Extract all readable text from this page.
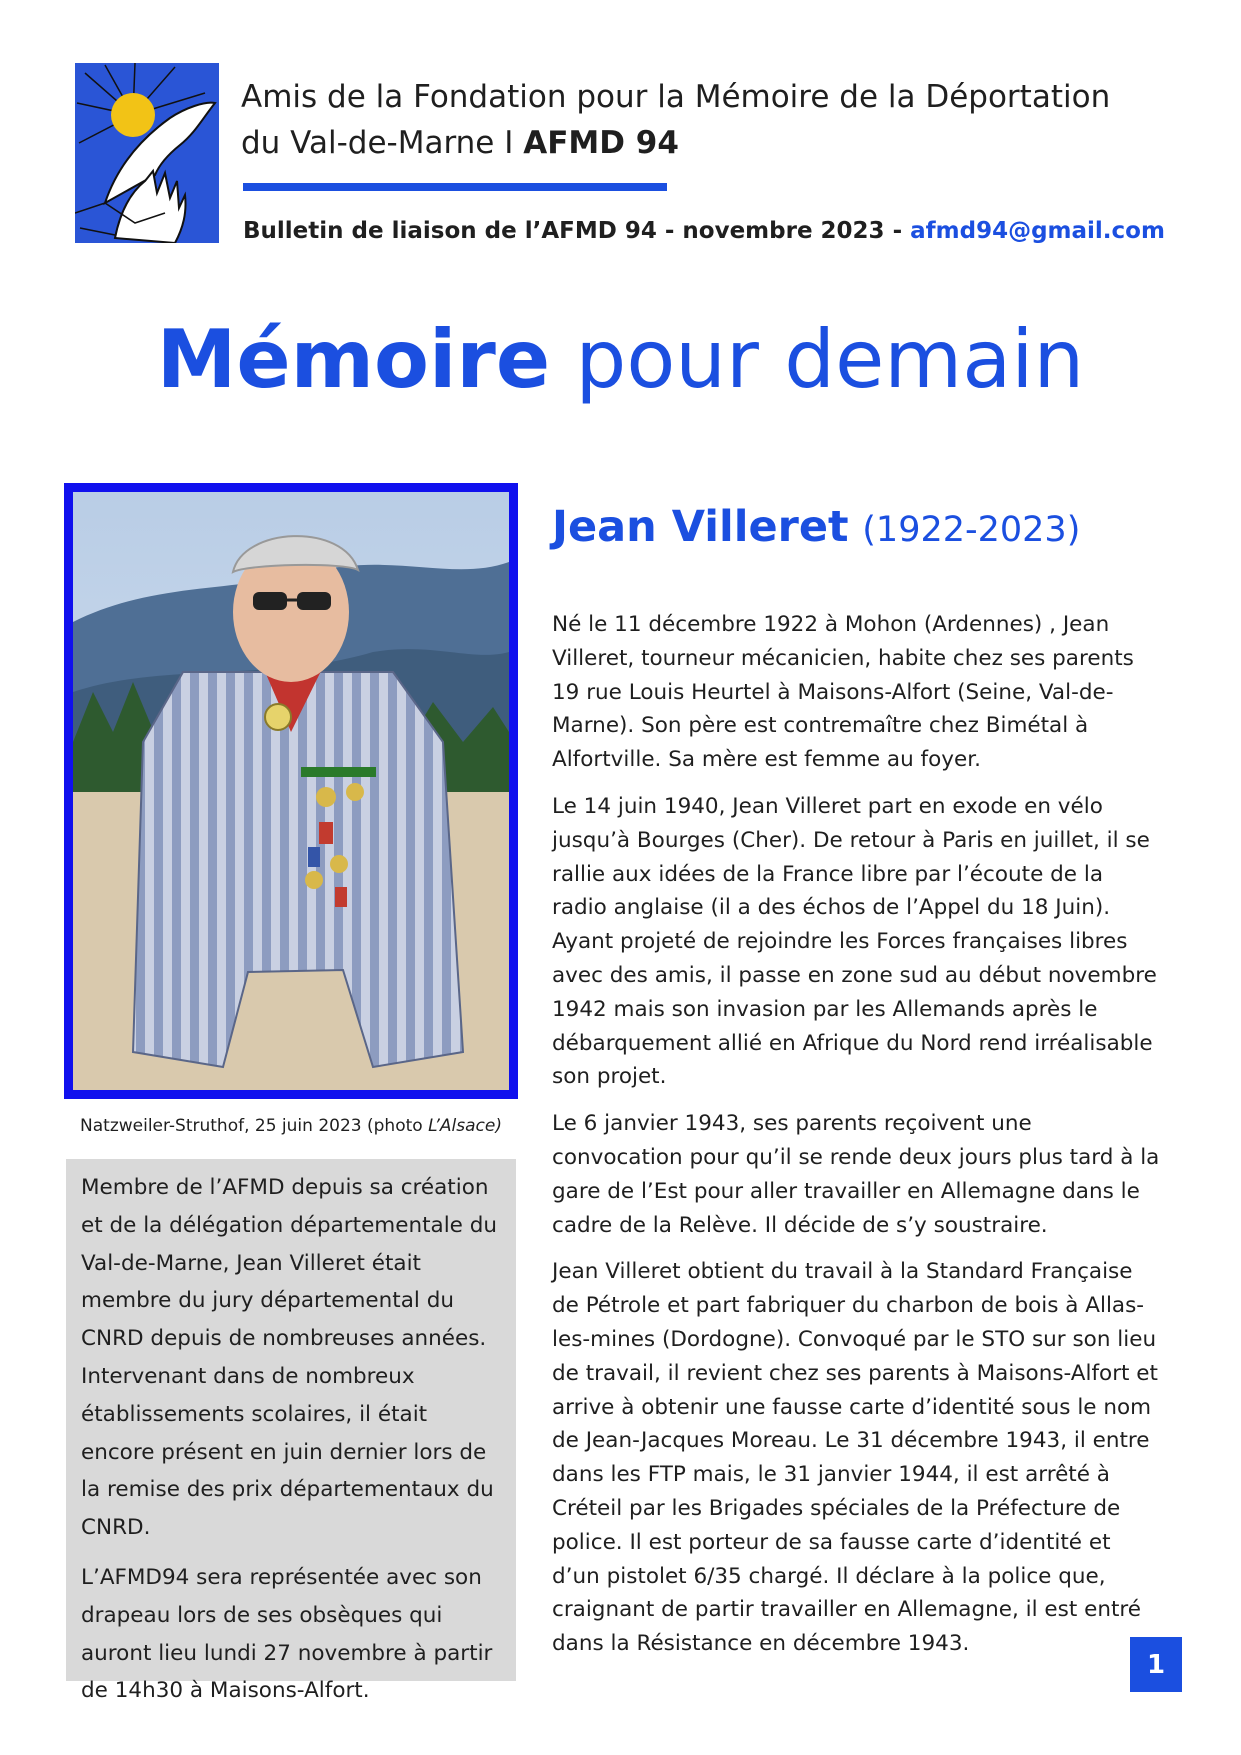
Amis de la Fondation pour la Mémoire de la Déportation
du Val-de-Marne I AFMD 94
Bulletin de liaison de l’AFMD 94 - novembre 2023 - afmd94@gmail.com
Mémoire pour demain
Natzweiler-Struthof, 25 juin 2023 (photo L’Alsace)

Membre de l’AFMD depuis sa création et de la délégation départementale du Val-de-Marne, Jean Villeret était membre du jury départemental du CNRD depuis de nombreuses années. Intervenant dans de nombreux établissements scolaires, il était encore présent en juin dernier lors de la remise des prix départementaux du CNRD.

L’AFMD94 sera représentée avec son drapeau lors de ses obsèques qui auront lieu lundi 27 novembre à partir de 14h30 à Maisons-Alfort.

Jean Villeret (1922-2023)

Né le 11 décembre 1922 à Mohon (Ardennes) , Jean Villeret, tourneur mécanicien, habite chez ses parents 19 rue Louis Heurtel à Maisons-Alfort (Seine, Val-de-Marne). Son père est contremaître chez Bimétal à Alfortville. Sa mère est femme au foyer.

Le 14 juin 1940, Jean Villeret part en exode en vélo jusqu’à Bourges (Cher). De retour à Paris en juillet, il se rallie aux idées de la France libre par l’écoute de la radio anglaise (il a des échos de l’Appel du 18 Juin). Ayant projeté de rejoindre les Forces françaises libres avec des amis, il passe en zone sud au début novembre 1942 mais son invasion par les Allemands après le débarquement allié en Afrique du Nord rend irréalisable son projet.

Le 6 janvier 1943, ses parents reçoivent une convocation pour qu’il se rende deux jours plus tard à la gare de l’Est pour aller travailler en Allemagne dans le cadre de la Relève. Il décide de s’y soustraire.

Jean Villeret obtient du travail à la Standard Française de Pétrole et part fabriquer du charbon de bois à Allas-les-mines (Dordogne). Convoqué par le STO sur son lieu de travail, il revient chez ses parents à Maisons-Alfort et arrive à obtenir une fausse carte d’identité sous le nom de Jean-Jacques Moreau. Le 31 décembre 1943, il entre dans les FTP mais, le 31 janvier 1944, il est arrêté à Créteil par les Brigades spéciales de la Préfecture de police. Il est porteur de sa fausse carte d’identité et d’un pistolet 6/35 chargé. Il déclare à la police que, craignant de partir travailler en Allemagne, il est entré dans la Résistance en décembre 1943.

1
